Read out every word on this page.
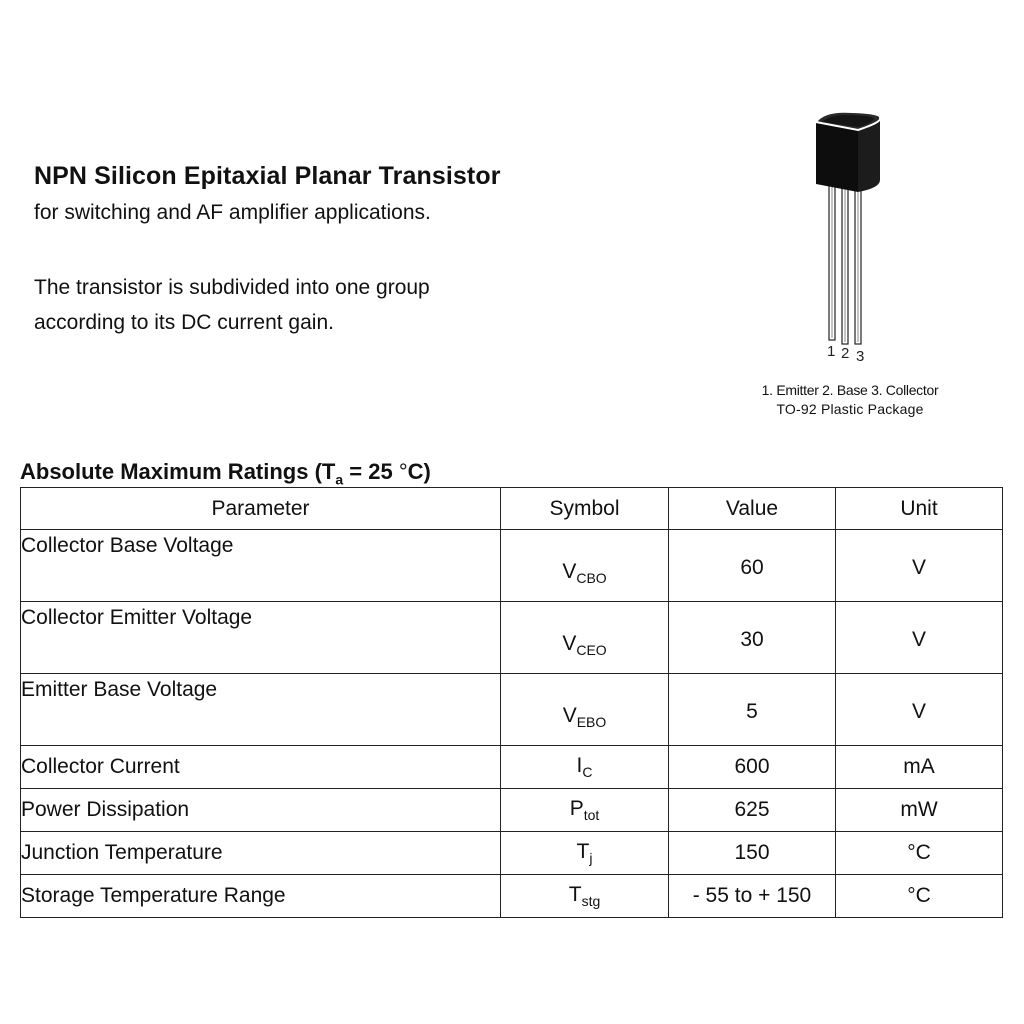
NPN Silicon Epitaxial Planar Transistor
for switching and AF amplifier applications.
The transistor is subdivided into one group
according to its DC current gain.
1 2 3
1. Emitter 2. Base 3. Collector
TO-92 Plastic Package
Absolute Maximum Ratings ($T_a = 25$ °C)
Parameter	Symbol	Value	Unit
Collector Base Voltage	$V_{CBO}$	60	V
Collector Emitter Voltage	$V_{CEO}$	30	V
Emitter Base Voltage	$V_{EBO}$	5	V
Collector Current	$I_C$	600	mA
Power Dissipation	$P_{tot}$	625	mW
Junction Temperature	$T_j$	150	°C
Storage Temperature Range	$T_{stg}$	- 55 to + 150	°C
